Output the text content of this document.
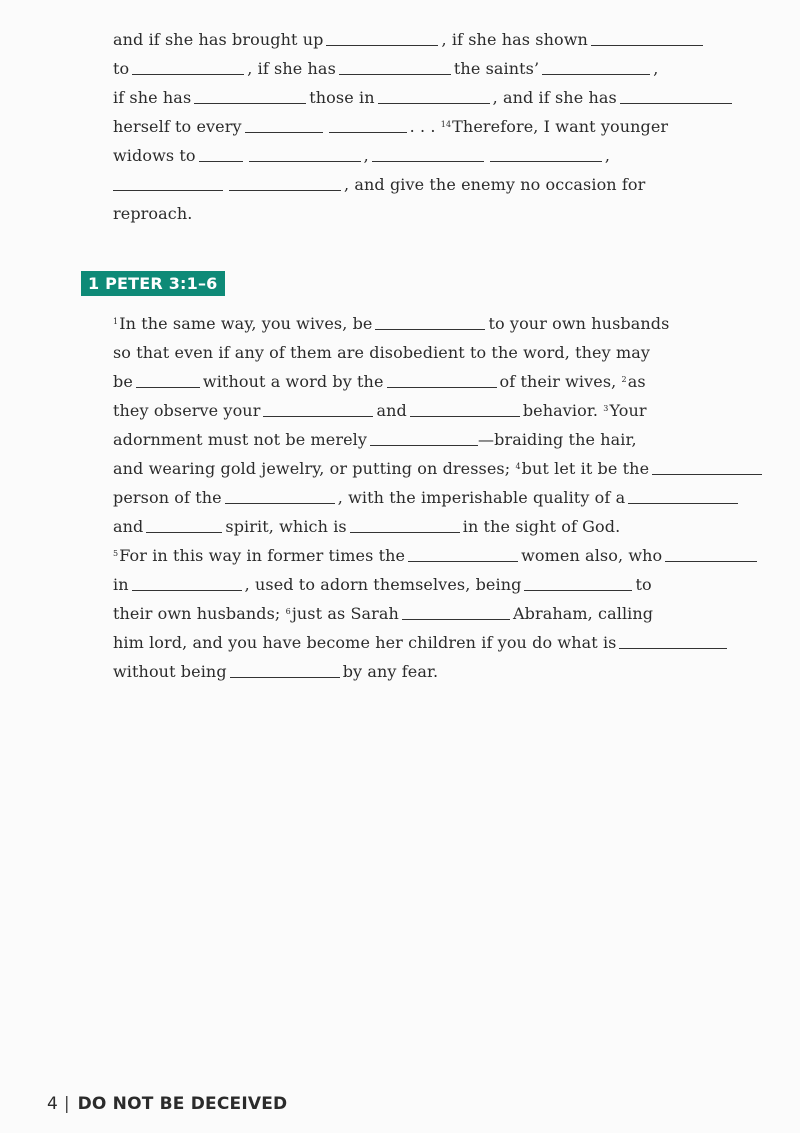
and if she has brought up	, if she has shown
to	, if she has	the saints’	,
if she has	those in	, and if she has
herself to every	. . . $^{14}$Therefore, I want younger
widows to	,	,
, and give the enemy no occasion for
reproach.
1 PETER 3:1–6
$^1$In the same way, you wives, be	to your own husbands
so that even if any of them are disobedient to the word, they may
be	without a word by the	of their wives, $^2$as
they observe your	and	behavior. $^3$Your
adornment must not be merely	—braiding the hair,
and wearing gold jewelry, or putting on dresses; $^4$but let it be the
person of the	, with the imperishable quality of a
and	spirit, which is	in the sight of God.
$^5$For in this way in former times the	women also, who
in	, used to adorn themselves, being	to
their own husbands; $^6$just as Sarah	Abraham, calling
him lord, and you have become her children if you do what is
without being	by any fear.
4 | DO NOT BE DECEIVED
